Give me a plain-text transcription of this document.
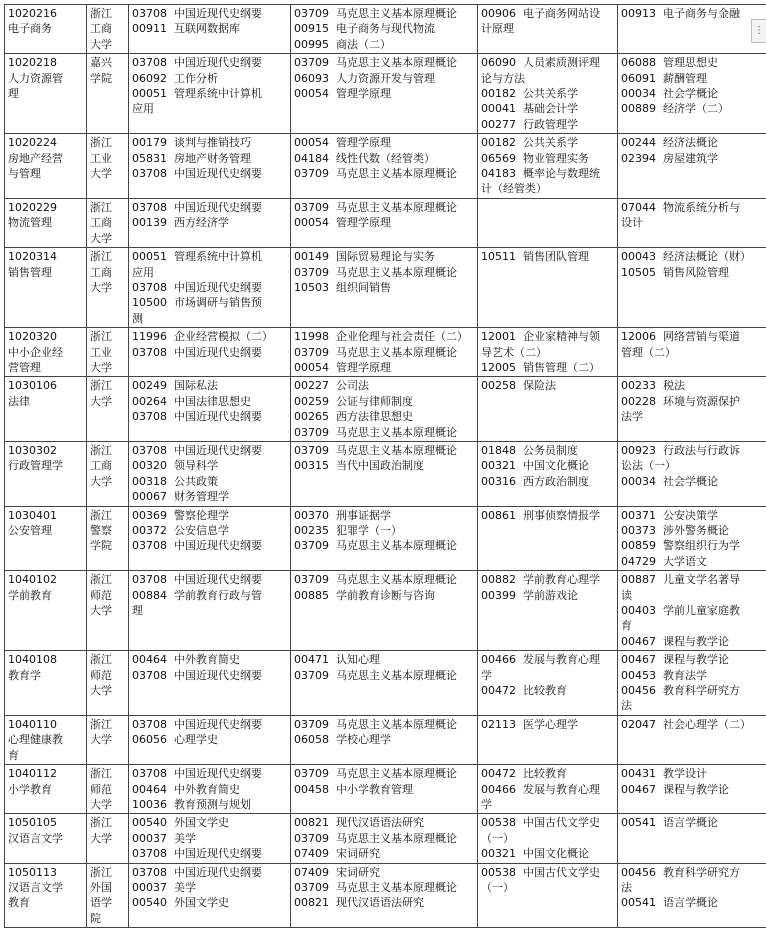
1020216
电子商务	浙江
工商
大学	03708  中国近现代史纲要
00911  互联网数据库	03709  马克思主义基本原理概论
00915  电子商务与现代物流
00995  商法（二）	00906  电子商务网站设
计原理	00913  电子商务与金融

1020218
人力资源管
理	嘉兴
学院	03708  中国近现代史纲要
06092  工作分析
00051  管理系统中计算机
应用	03709  马克思主义基本原理概论
06093  人力资源开发与管理
00054  管理学原理	06090  人员素质测评理
论与方法
00182  公共关系学
00041  基础会计学
00277  行政管理学	06088  管理思想史
06091  薪酬管理
00034  社会学概论
00889  经济学（二）

1020224
房地产经营
与管理	浙江
工业
大学	00179  谈判与推销技巧
05831  房地产财务管理
03708  中国近现代史纲要	00054  管理学原理
04184  线性代数（经管类）
03709  马克思主义基本原理概论	00182  公共关系学
06569  物业管理实务
04183  概率论与数理统
计（经管类）	00244  经济法概论
02394  房屋建筑学

1020229
物流管理	浙江
工商
大学	03708  中国近现代史纲要
00139  西方经济学	03709  马克思主义基本原理概论
00054  管理学原理		07044  物流系统分析与
设计

1020314
销售管理	浙江
工商
大学	00051  管理系统中计算机
应用
03708  中国近现代史纲要
10500  市场调研与销售预
测	00149  国际贸易理论与实务
03709  马克思主义基本原理概论
10503  组织间销售	10511  销售团队管理	00043  经济法概论（财）
10505  销售风险管理

1020320
中小企业经
营管理	浙江
工业
大学	11996  企业经营模拟（二）
03708  中国近现代史纲要	11998  企业伦理与社会责任（二）
03709  马克思主义基本原理概论
00054  管理学原理	12001  企业家精神与领
导艺术（二）
12005  销售管理（二）	12006  网络营销与渠道
管理（二）

1030106
法律	浙江
大学	00249  国际私法
00264  中国法律思想史
03708  中国近现代史纲要	00227  公司法
00259  公证与律师制度
00265  西方法律思想史
03709  马克思主义基本原理概论	00258  保险法	00233  税法
00228  环境与资源保护
法学

1030302
行政管理学	浙江
工商
大学	03708  中国近现代史纲要
00320  领导科学
00318  公共政策
00067  财务管理学	03709  马克思主义基本原理概论
00315  当代中国政治制度	01848  公务员制度
00321  中国文化概论
00316  西方政治制度	00923  行政法与行政诉
讼法（一）
00034  社会学概论

1030401
公安管理	浙江
警察
学院	00369  警察伦理学
00372  公安信息学
03708  中国近现代史纲要	00370  刑事证据学
00235  犯罪学（一）
03709  马克思主义基本原理概论	00861  刑事侦察情报学	00371  公安决策学
00373  涉外警务概论
00859  警察组织行为学
04729  大学语文

1040102
学前教育	浙江
师范
大学	03708  中国近现代史纲要
00884  学前教育行政与管
理	03709  马克思主义基本原理概论
00885  学前教育诊断与咨询	00882  学前教育心理学
00399  学前游戏论	00887  儿童文学名著导
读
00403  学前儿童家庭教
育
00467  课程与教学论

1040108
教育学	浙江
师范
大学	00464  中外教育简史
03708  中国近现代史纲要	00471  认知心理
03709  马克思主义基本原理概论	00466  发展与教育心理
学
00472  比较教育	00467  课程与教学论
00453  教育法学
00456  教育科学研究方
法

1040110
心理健康教
育	浙江
大学	03708  中国近现代史纲要
06056  心理学史	03709  马克思主义基本原理概论
06058  学校心理学	02113  医学心理学	02047  社会心理学（二）

1040112
小学教育	浙江
师范
大学	03708  中国近现代史纲要
00464  中外教育简史
10036  教育预测与规划	03709  马克思主义基本原理概论
00458  中小学教育管理	00472  比较教育
00466  发展与教育心理
学	00431  教学设计
00467  课程与教学论

1050105
汉语言文学	浙江
大学	00540  外国文学史
00037  美学
03708  中国近现代史纲要	00821  现代汉语语法研究
03709  马克思主义基本原理概论
07409  宋词研究	00538  中国古代文学史
（一）
00321  中国文化概论	00541  语言学概论

1050113
汉语言文学
教育	浙江
外国
语学
院	03708  中国近现代史纲要
00037  美学
00540  外国文学史	07409  宋词研究
03709  马克思主义基本原理概论
00821  现代汉语语法研究	00538  中国古代文学史
（一）	00456  教育科学研究方
法
00541  语言学概论
⋮
